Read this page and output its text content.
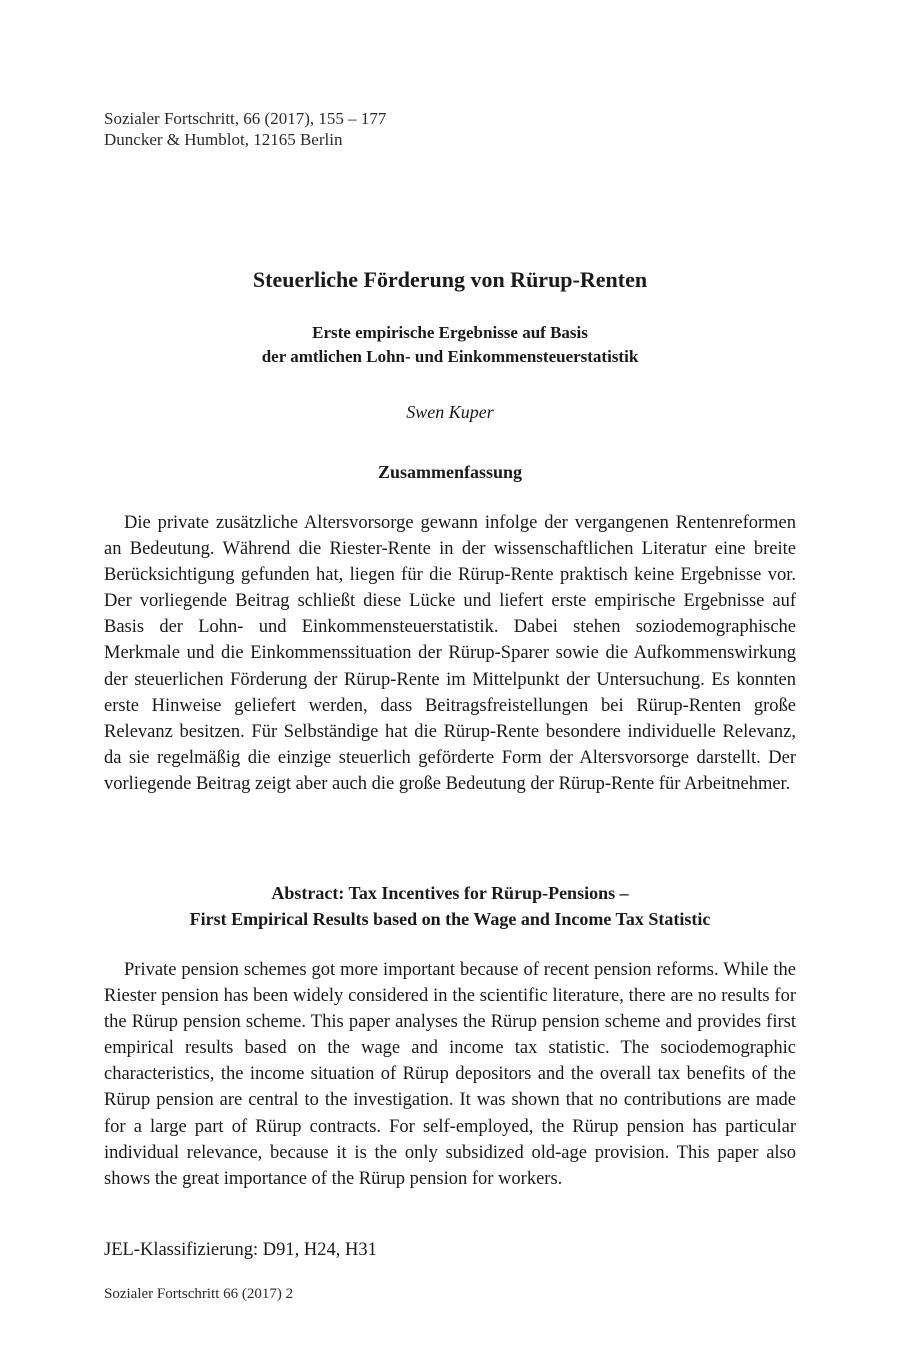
Sozialer Fortschritt, 66 (2017), 155 – 177
Duncker & Humblot, 12165 Berlin
Steuerliche Förderung von Rürup-Renten
Erste empirische Ergebnisse auf Basis
der amtlichen Lohn- und Einkommensteuerstatistik
Swen Kuper
Zusammenfassung

Die private zusätzliche Altersvorsorge gewann infolge der vergangenen Rentenreformen an Bedeutung. Während die Riester-Rente in der wissenschaftlichen Literatur eine breite Berücksichtigung gefunden hat, liegen für die Rürup-Rente praktisch keine Ergebnisse vor. Der vorliegende Beitrag schließt diese Lücke und liefert erste empirische Ergebnisse auf Basis der Lohn- und Einkommensteuerstatistik. Dabei stehen soziodemographische Merkmale und die Einkommenssituation der Rürup-Sparer sowie die Aufkommenswirkung der steuerlichen Förderung der Rürup-Rente im Mittelpunkt der Untersuchung. Es konnten erste Hinweise geliefert werden, dass Beitragsfreistellungen bei Rürup-Renten große Relevanz besitzen. Für Selbständige hat die Rürup-Rente besondere individuelle Relevanz, da sie regelmäßig die einzige steuerlich geförderte Form der Altersvorsorge darstellt. Der vorliegende Beitrag zeigt aber auch die große Bedeutung der Rürup-Rente für Arbeitnehmer.

Abstract: Tax Incentives for Rürup-Pensions –
First Empirical Results based on the Wage and Income Tax Statistic

Private pension schemes got more important because of recent pension reforms. While the Riester pension has been widely considered in the scientific literature, there are no results for the Rürup pension scheme. This paper analyses the Rürup pension scheme and provides first empirical results based on the wage and income tax statistic. The sociodemographic characteristics, the income situation of Rürup depositors and the overall tax benefits of the Rürup pension are central to the investigation. It was shown that no contributions are made for a large part of Rürup contracts. For self-employed, the Rürup pension has particular individual relevance, because it is the only subsidized old-age provision. This paper also shows the great importance of the Rürup pension for workers.

JEL-Klassifizierung: D91, H24, H31
Sozialer Fortschritt 66 (2017) 2
